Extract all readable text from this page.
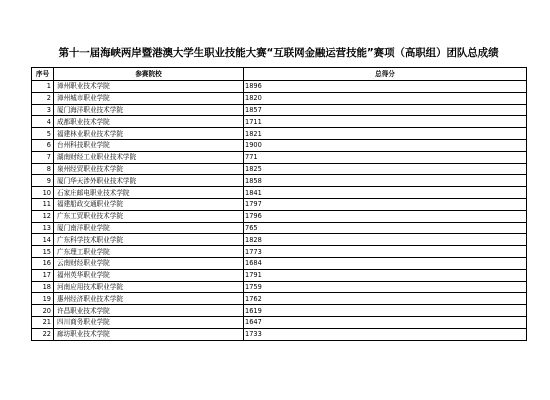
第十一届海峡两岸暨港澳大学生职业技能大赛“互联网金融运营技能”赛项（高职组）团队总成绩
序号	参赛院校	总得分
1	漳州职业技术学院	1896
2	漳州城市职业学院	1820
3	厦门海洋职业技术学院	1857
4	成都职业技术学院	1711
5	福建林业职业技术学院	1821
6	台州科技职业学院	1900
7	湖南财经工业职业技术学院	771
8	泉州经贸职业技术学院	1825
9	厦门华天涉外职业技术学院	1858
10	石家庄邮电职业技术学院	1841
11	福建船政交通职业学院	1797
12	广东工贸职业技术学院	1796
13	厦门南洋职业学院	765
14	广东科学技术职业学院	1828
15	广东理工职业学院	1773
16	云南财经职业学院	1684
17	福州英华职业学院	1791
18	河南应用技术职业学院	1759
19	惠州经济职业技术学院	1762
20	许昌职业技术学院	1619
21	四川商务职业学院	1647
22	廊坊职业技术学院	1733
